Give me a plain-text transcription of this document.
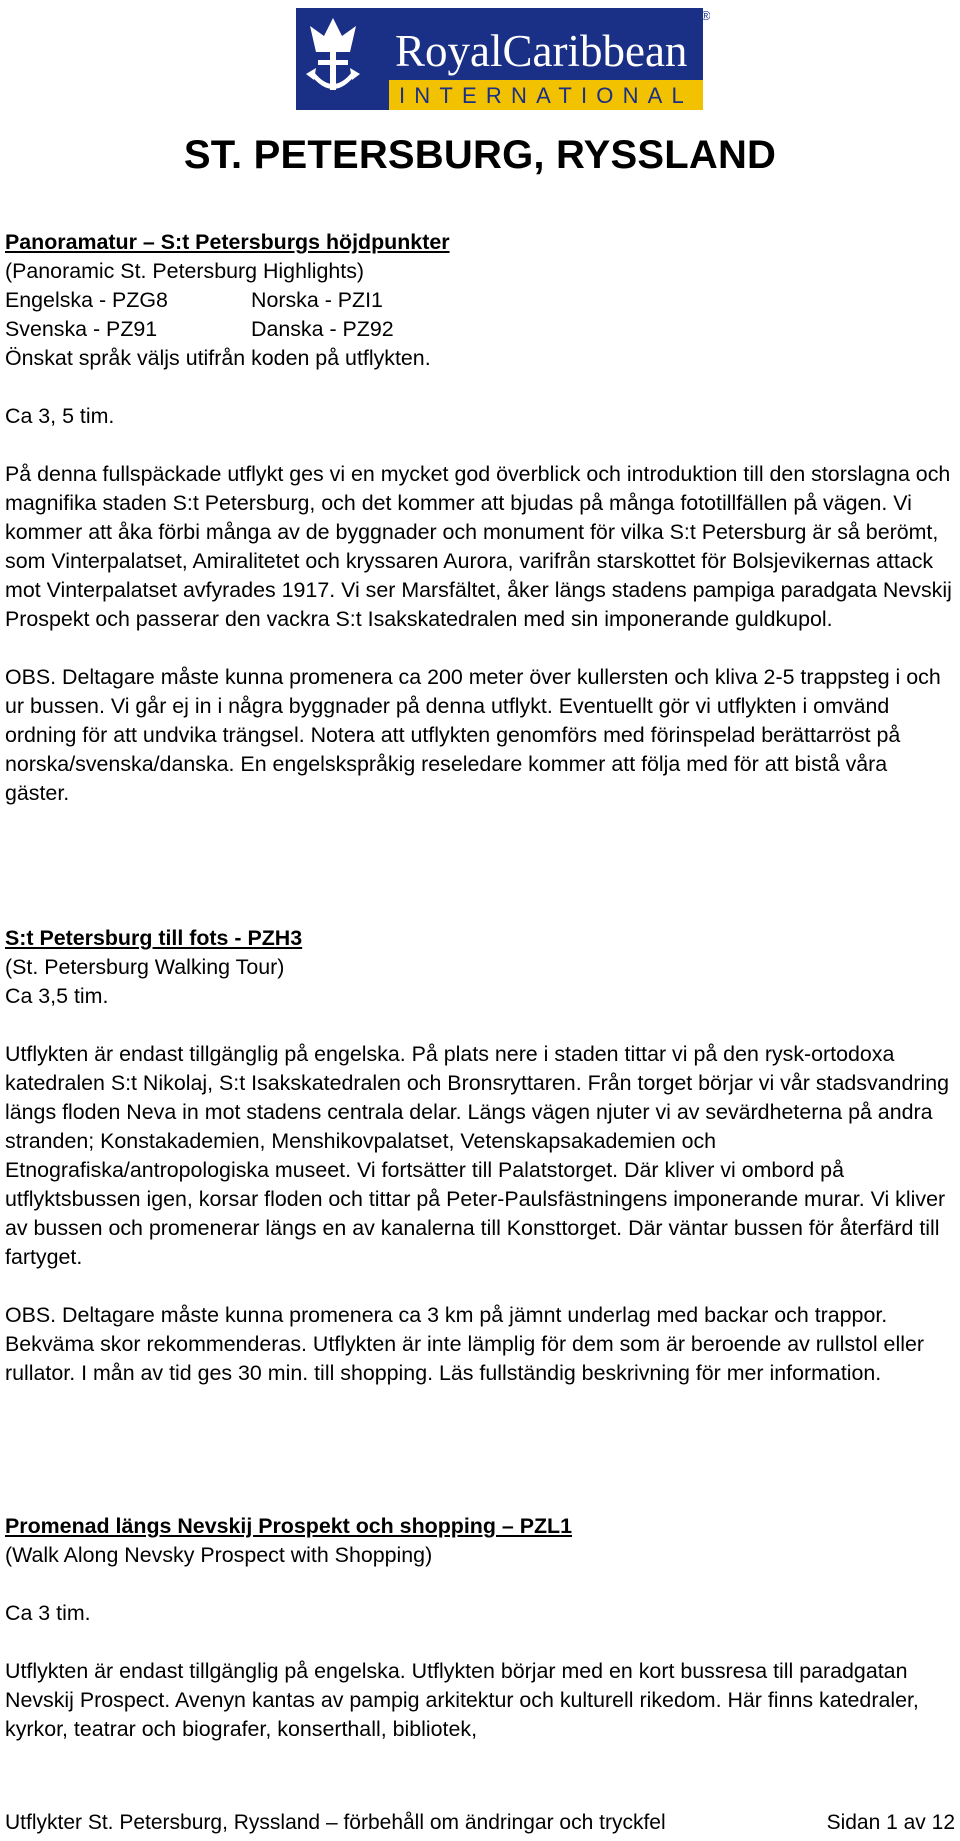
RoyalCaribbean
INTERNATIONAL
®
ST. PETERSBURG, RYSSLAND

Panoramatur – S:t Petersburgs höjdpunkter

(Panoramic St. Petersburg Highlights)

Engelska - PZG8	Norska - PZI1
Svenska - PZ91	Danska - PZ92

Önskat språk väljs utifrån koden på utflykten.

Ca 3, 5 tim.

På denna fullspäckade utflykt ges vi en mycket god överblick och introduktion till den storslagna och magnifika staden S:t Petersburg, och det kommer att bjudas på många fototillfällen på vägen. Vi kommer att åka förbi många av de byggnader och monument för vilka S:t Petersburg är så berömt, som Vinterpalatset, Amiralitetet och kryssaren Aurora, varifrån starskottet för Bolsjevikernas attack mot Vinterpalatset avfyrades 1917. Vi ser Marsfältet, åker längs stadens pampiga paradgata Nevskij Prospekt och passerar den vackra S:t Isakskatedralen med sin imponerande guldkupol.

OBS. Deltagare måste kunna promenera ca 200 meter över kullersten och kliva 2-5 trappsteg i och ur bussen. Vi går ej in i några byggnader på denna utflykt. Eventuellt gör vi utflykten i omvänd ordning för att undvika trängsel. Notera att utflykten genomförs med förinspelad berättarröst på norska/svenska/danska. En engelskspråkig reseledare kommer att följa med för att bistå våra gäster.

S:t Petersburg till fots - PZH3

(St. Petersburg Walking Tour)

Ca 3,5 tim.

Utflykten är endast tillgänglig på engelska. På plats nere i staden tittar vi på den rysk-ortodoxa katedralen S:t Nikolaj, S:t Isakskatedralen och Bronsryttaren. Från torget börjar vi vår stadsvandring längs floden Neva in mot stadens centrala delar. Längs vägen njuter vi av sevärdheterna på andra stranden; Konstakademien, Menshikovpalatset, Vetenskapsakademien och Etnografiska/antropologiska museet. Vi fortsätter till Palatstorget. Där kliver vi ombord på utflyktsbussen igen, korsar floden och tittar på Peter-Paulsfästningens imponerande murar. Vi kliver av bussen och promenerar längs en av kanalerna till Konsttorget. Där väntar bussen för återfärd till fartyget.

OBS. Deltagare måste kunna promenera ca 3 km på jämnt underlag med backar och trappor. Bekväma skor rekommenderas. Utflykten är inte lämplig för dem som är beroende av rullstol eller rullator. I mån av tid ges 30 min. till shopping. Läs fullständig beskrivning för mer information.

Promenad längs Nevskij Prospekt och shopping – PZL1

(Walk Along Nevsky Prospect with Shopping)

Ca 3 tim.

Utflykten är endast tillgänglig på engelska. Utflykten börjar med en kort bussresa till paradgatan Nevskij Prospect. Avenyn kantas av pampig arkitektur och kulturell rikedom. Här finns katedraler, kyrkor, teatrar och biografer, konserthall, bibliotek,

Utflykter St. Petersburg, Ryssland – förbehåll om ändringar och tryckfel	Sidan 1 av 12
